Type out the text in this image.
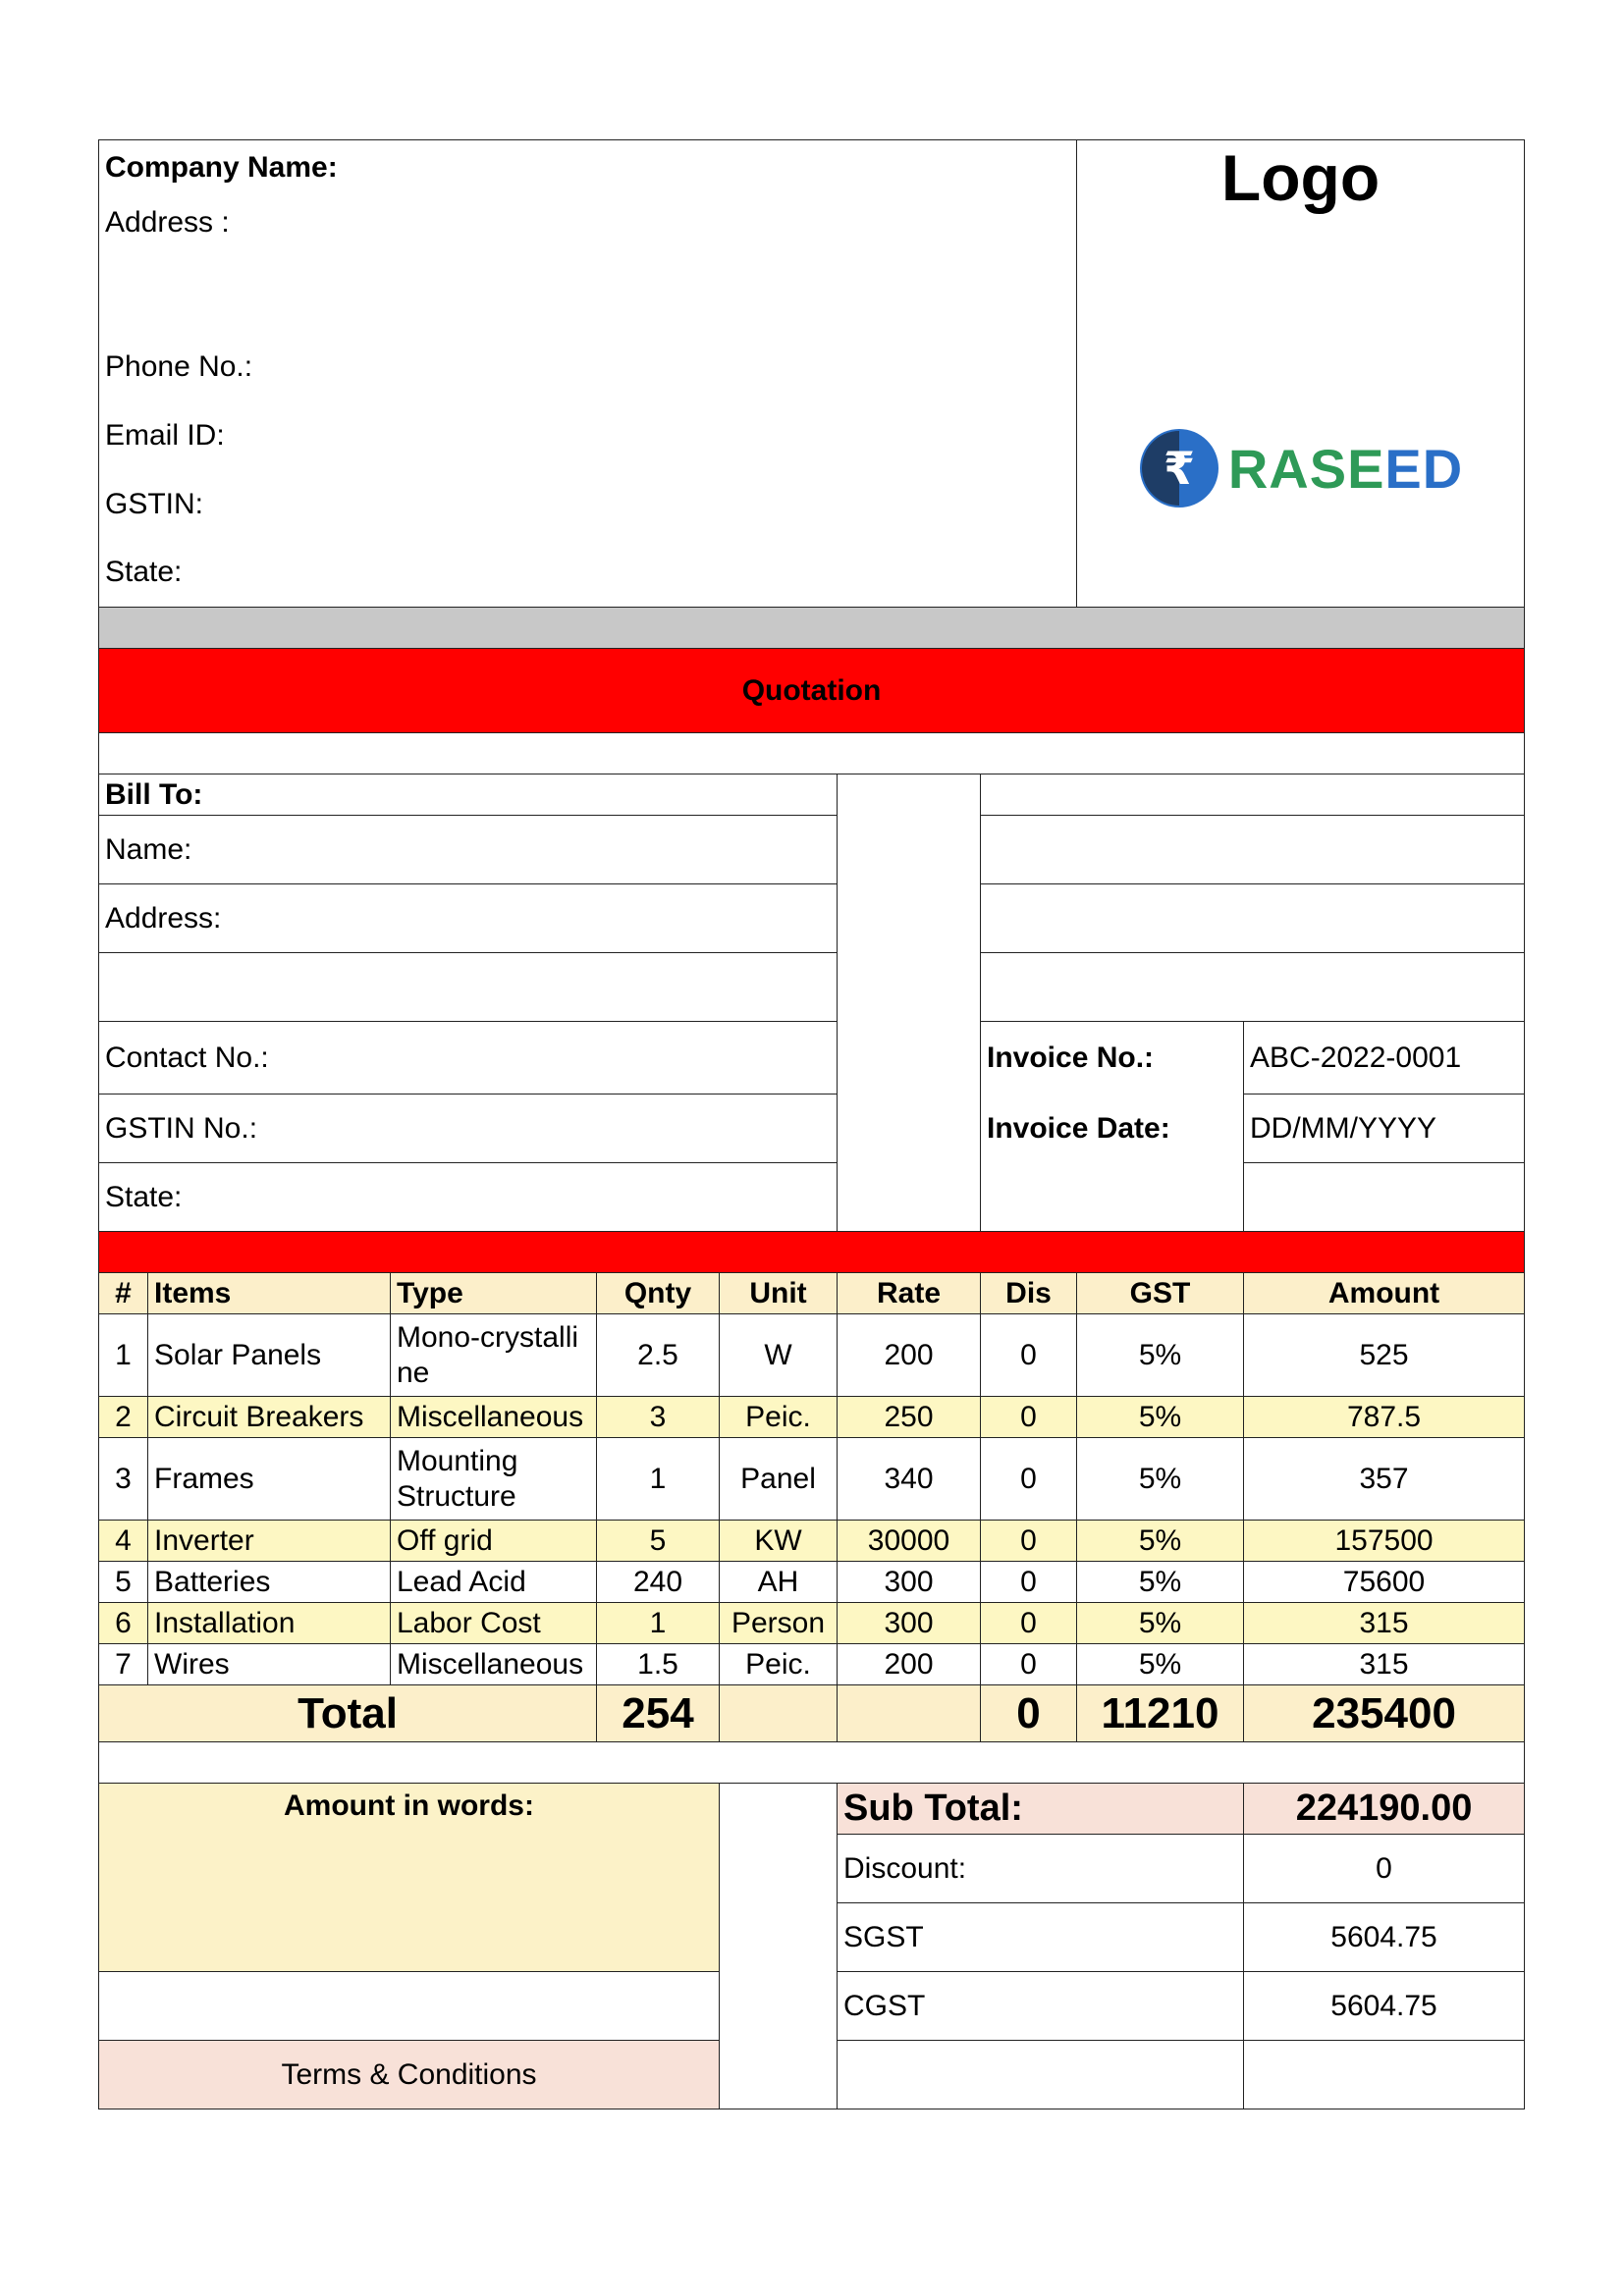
Company Name:							Logo
₹ RASE ED	

Address :								

Phone No.:								
Email ID:								
GSTIN:								
State:								

Quotation								

Bill To:								
Name:								
Address:								

Contact No.:						Invoice No.:		ABC-2022-0001
GSTIN No.:						Invoice Date:		DD/MM/YYYY
State:								

#	Items	Type	Qnty	Unit	Rate	Dis	GST	Amount
1	Solar Panels	Mono-crystalline	2.5	W	200	0	5%	525
2	Circuit Breakers	Miscellaneous	3	Peic.	250	0	5%	787.5
3	Frames	Mounting Structure	1	Panel	340	0	5%	357
4	Inverter	Off grid	5	KW	30000	0	5%	157500
5	Batteries	Lead Acid	240	AH	300	0	5%	75600
6	Installation	Labor Cost	1	Person	300	0	5%	315
7	Wires	Miscellaneous	1.5	Peic.	200	0	5%	315
Total			254			0	11210	235400

Amount in words:					Sub Total:			224190.00
					Discount:			0
					SGST			5604.75
					CGST			5604.75
Terms & Conditions								
